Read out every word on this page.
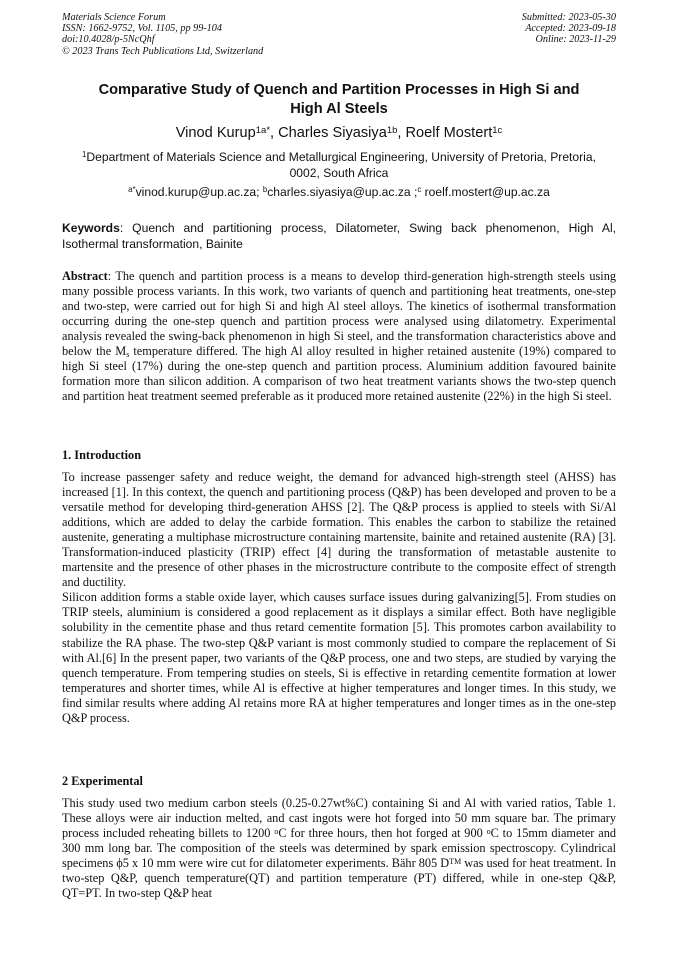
Materials Science Forum
ISSN: 1662-9752, Vol. 1105, pp 99-104
doi:10.4028/p-5NcQhf
© 2023 Trans Tech Publications Ltd, Switzerland
Submitted: 2023-05-30
Accepted: 2023-09-18
Online: 2023-11-29
Comparative Study of Quench and Partition Processes in High Si and
High Al Steels
Vinod Kurup$^{1a*}$, Charles Siyasiya$^{1b}$, Roelf Mostert$^{1c}$
$^1$Department of Materials Science and Metallurgical Engineering, University of Pretoria, Pretoria,
0002, South Africa
$^{a*}$vinod.kurup@up.ac.za; $^b$charles.siyasiya@up.ac.za ;$^c$ roelf.mostert@up.ac.za
Keywords: Quench and partitioning process, Dilatometer, Swing back phenomenon, High Al, Isothermal transformation, Bainite
Abstract: The quench and partition process is a means to develop third-generation high-strength steels using many possible process variants. In this work, two variants of quench and partitioning heat treatments, one-step and two-step, were carried out for high Si and high Al steel alloys. The kinetics of isothermal transformation occurring during the one-step quench and partition process were analysed using dilatometry. Experimental analysis revealed the swing-back phenomenon in high Si steel, and the transformation characteristics above and below the $M_s$ temperature differed. The high Al alloy resulted in higher retained austenite (19%) compared to high Si steel (17%) during the one-step quench and partition process. Aluminium addition favoured bainite formation more than silicon addition. A comparison of two heat treatment variants shows the two-step quench and partition heat treatment seemed preferable as it produced more retained austenite (22%) in the high Si steel.
1. Introduction

To increase passenger safety and reduce weight, the demand for advanced high-strength steel (AHSS) has increased [1]. In this context, the quench and partitioning process (Q&P) has been developed and proven to be a versatile method for developing third-generation AHSS [2]. The Q&P process is applied to steels with Si/Al additions, which are added to delay the carbide formation. This enables the carbon to stabilize the retained austenite, generating a multiphase microstructure containing martensite, bainite and retained austenite (RA) [3]. Transformation-induced plasticity (TRIP) effect [4] during the transformation of metastable austenite to martensite and the presence of other phases in the microstructure contribute to the composite effect of strength and ductility.

Silicon addition forms a stable oxide layer, which causes surface issues during galvanizing[5]. From studies on TRIP steels, aluminium is considered a good replacement as it displays a similar effect. Both have negligible solubility in the cementite phase and thus retard cementite formation [5]. This promotes carbon availability to stabilize the RA phase. The two-step Q&P variant is most commonly studied to compare the replacement of Si with Al.[6] In the present paper, two variants of the Q&P process, one and two steps, are studied by varying the quench temperature. From tempering studies on steels, Si is effective in retarding cementite formation at lower temperatures and shorter times, while Al is effective at higher temperatures and longer times. In this study, we find similar results where adding Al retains more RA at higher temperatures and longer times as in the one-step Q&P process.

2 Experimental
This study used two medium carbon steels (0.25-0.27wt%C) containing Si and Al with varied ratios, Table 1. These alloys were air induction melted, and cast ingots were hot forged into 50 mm square bar. The primary process included reheating billets to 1200 $^o$C for three hours, then hot forged at 900 $^o$C to 15mm diameter and 300 mm long bar. The composition of the steels was determined by spark emission spectroscopy. Cylindrical specimens ϕ5 x 10 mm were wire cut for dilatometer experiments. Bähr 805 D™ was used for heat treatment. In two-step Q&P, quench temperature(QT) and partition temperature (PT) differed, while in one-step Q&P, QT=PT. In two-step Q&P heat
